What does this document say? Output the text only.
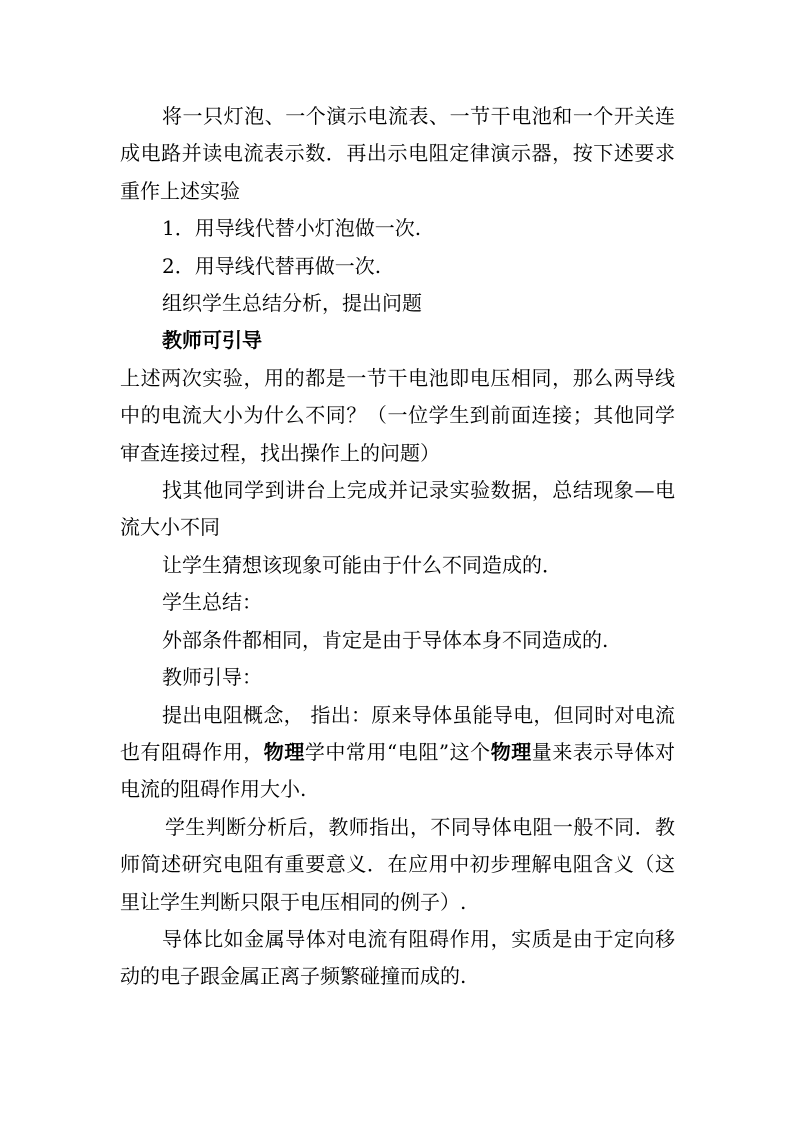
将一只灯泡、一个演示电流表、一节干电池和一个开关连成电路并读电流表示数．再出示电阻定律演示器，按下述要求重作上述实验

1．用导线代替小灯泡做一次.

2．用导线代替再做一次.

组织学生总结分析，提出问题

教师可引导

上述两次实验，用的都是一节干电池即电压相同，那么两导线中的电流大小为什么不同？（一位学生到前面连接；其他同学审查连接过程，找出操作上的问题）

找其他同学到讲台上完成并记录实验数据，总结现象—电流大小不同

让学生猜想该现象可能由于什么不同造成的．

学生总结：

外部条件都相同，肯定是由于导体本身不同造成的.

教师引导：

提出电阻概念， 指出：原来导体虽能导电，但同时对电流也有阻碍作用，物理学中常用“电阻”这个物理量来表示导体对电流的阻碍作用大小.

学生判断分析后，教师指出，不同导体电阻一般不同．教师简述研究电阻有重要意义．在应用中初步理解电阻含义（这里让学生判断只限于电压相同的例子）.

导体比如金属导体对电流有阻碍作用，实质是由于定向移动的电子跟金属正离子频繁碰撞而成的.
